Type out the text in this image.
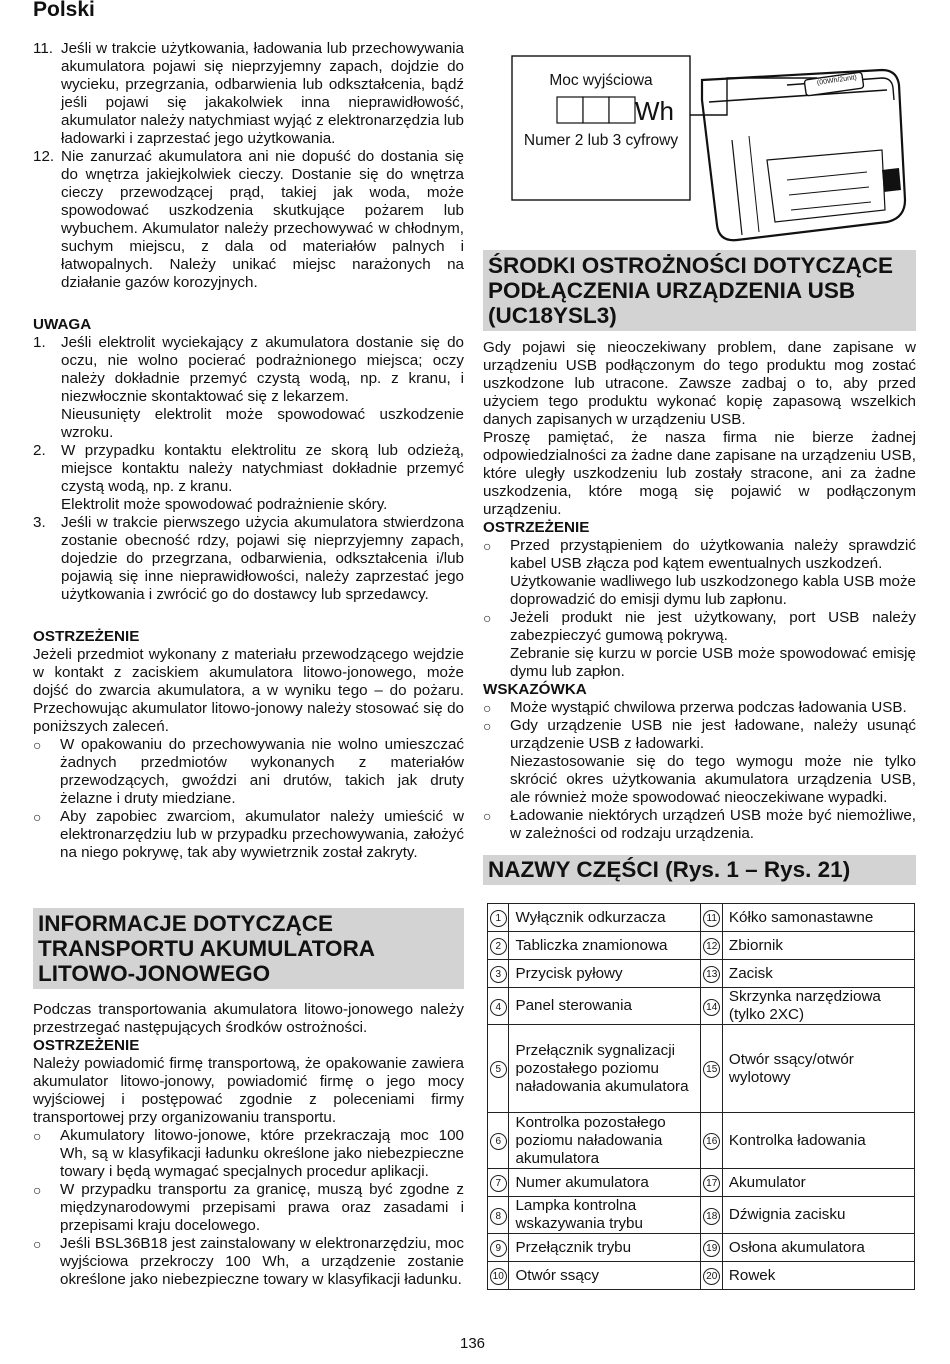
Polski
11. Jeśli w trakcie użytkowania, ładowania lub przechowywania akumulatora pojawi się nieprzyjemny zapach, dojdzie do wycieku, przegrzania, odbarwienia lub odkształcenia, bądź jeśli pojawi się jakakolwiek inna nieprawidłowość, akumulator należy natychmiast wyjąć z elektronarzędzia lub ładowarki i zaprzestać jego użytkowania.
12. Nie zanurzać akumulatora ani nie dopuść do dostania się do wnętrza jakiejkolwiek cieczy. Dostanie się do wnętrza cieczy przewodzącej prąd, takiej jak woda, może spowodować uszkodzenia skutkujące pożarem lub wybuchem. Akumulator należy przechowywać w chłodnym, suchym miejscu, z dala od materiałów palnych i łatwopalnych. Należy unikać miejsc narażonych na działanie gazów korozyjnych.
UWAGA
1.	Jeśli elektrolit wyciekający z akumulatora dostanie się do oczu, nie wolno pocierać podrażnionego miejsca; oczy należy dokładnie przemyć czystą wodą, np. z kranu, i niezwłocznie skontaktować się z lekarzem.
Nieusunięty elektrolit może spowodować uszkodzenie wzroku.
2.	W przypadku kontaktu elektrolitu ze skorą lub odzieżą, miejsce kontaktu należy natychmiast dokładnie przemyć czystą wodą, np. z kranu.
Elektrolit może spowodować podrażnienie skóry.
3.	Jeśli w trakcie pierwszego użycia akumulatora stwierdzona zostanie obecność rdzy, pojawi się nieprzyjemny zapach, dojedzie do przegrzana, odbarwienia, odkształcenia i/lub pojawią się inne nieprawidłowości, należy zaprzestać jego użytkowania i zwrócić go do dostawcy lub sprzedawcy.
OSTRZEŻENIE

Jeżeli przedmiot wykonany z materiału przewodzącego wejdzie w kontakt z zaciskiem akumulatora litowo-jonowego, może dojść do zwarcia akumulatora, a w wyniku tego – do pożaru. Przechowując akumulator litowo-jonowy należy stosować się do poniższych zaleceń.

○	W opakowaniu do przechowywania nie wolno umieszczać żadnych przedmiotów wykonanych z materiałów przewodzących, gwoździ ani drutów, takich jak druty żelazne i druty miedziane.
○	Aby zapobiec zwarciom, akumulator należy umieścić w elektronarzędziu lub w przypadku przechowywania, założyć na niego pokrywę, tak aby wywietrznik został zakryty.
INFORMACJE DOTYCZĄCE TRANSPORTU AKUMULATORA LITOWO-JONOWEGO

Podczas transportowania akumulatora litowo-jonowego należy przestrzegać następujących środków ostrożności.

OSTRZEŻENIE

Należy powiadomić firmę transportową, że opakowanie zawiera akumulator litowo-jonowy, powiadomić firmę o jego mocy wyjściowej i postępować zgodnie z poleceniami firmy transportowej przy organizowaniu transportu.

○	Akumulatory litowo-jonowe, które przekraczają moc 100 Wh, są w klasyfikacji ładunku określone jako niebezpieczne towary i będą wymagać specjalnych procedur aplikacji.
○	W przypadku transportu za granicę, muszą być zgodne z międzynarodowymi przepisami prawa oraz zasadami i przepisami kraju docelowego.
○	Jeśli BSL36B18 jest zainstalowany w elektronarzędziu, moc wyjściowa przekroczy 100 Wh, a urządzenie zostanie określone jako niebezpieczne towary w klasyfikacji ładunku.
Moc wyjściowa
Wh
Numer 2 lub 3 cyfrowy
(00Wh/2unit)
ŚRODKI OSTROŻNOŚCI DOTYCZĄCE PODŁĄCZENIA URZĄDZENIA USB (UC18YSL3)

Gdy pojawi się nieoczekiwany problem, dane zapisane w urządzeniu USB podłączonym do tego produktu mog zostać uszkodzone lub utracone. Zawsze zadbaj o to, aby przed użyciem tego produktu wykonać kopię zapasową wszelkich danych zapisanych w urządzeniu USB.

Proszę pamiętać, że nasza firma nie bierze żadnej odpowiedzialności za żadne dane zapisane na urządzeniu USB, które uległy uszkodzeniu lub zostały stracone, ani za żadne uszkodzenia, które mogą się pojawić w podłączonym urządzeniu.

OSTRZEŻENIE
○	Przed przystąpieniem do użytkowania należy sprawdzić kabel USB złącza pod kątem ewentualnych uszkodzeń.
Użytkowanie wadliwego lub uszkodzonego kabla USB może doprowadzić do emisji dymu lub zapłonu.
○	Jeżeli produkt nie jest użytkowany, port USB należy zabezpieczyć gumową pokrywą.
Zebranie się kurzu w porcie USB może spowodować emisję dymu lub zapłon.
WSKAZÓWKA
○	Może wystąpić chwilowa przerwa podczas ładowania USB.
○	Gdy urządzenie USB nie jest ładowane, należy usunąć urządzenie USB z ładowarki.
Niezastosowanie się do tego wymogu może nie tylko skrócić okres użytkowania akumulatora urządzenia USB, ale również może spowodować nieoczekiwane wypadki.
○	Ładowanie niektórych urządzeń USB może być niemożliwe, w zależności od rodzaju urządzenia.
NAZWY CZĘŚCI (Rys. 1 – Rys. 21)
1	Wyłącznik odkurzacza	11	Kółko samonastawne
2	Tabliczka znamionowa	12	Zbiornik
3	Przycisk pyłowy	13	Zacisk
4	Panel sterowania	14	Skrzynka narzędziowa (tylko 2XC)
5	Przełącznik sygnalizacji pozostałego poziomu naładowania akumulatora	15	Otwór ssący/otwór wylotowy
6	Kontrolka pozostałego poziomu naładowania akumulatora	16	Kontrolka ładowania
7	Numer akumulatora	17	Akumulator
8	Lampka kontrolna wskazywania trybu	18	Dźwignia zacisku
9	Przełącznik trybu	19	Osłona akumulatora
10	Otwór ssący	20	Rowek
136
